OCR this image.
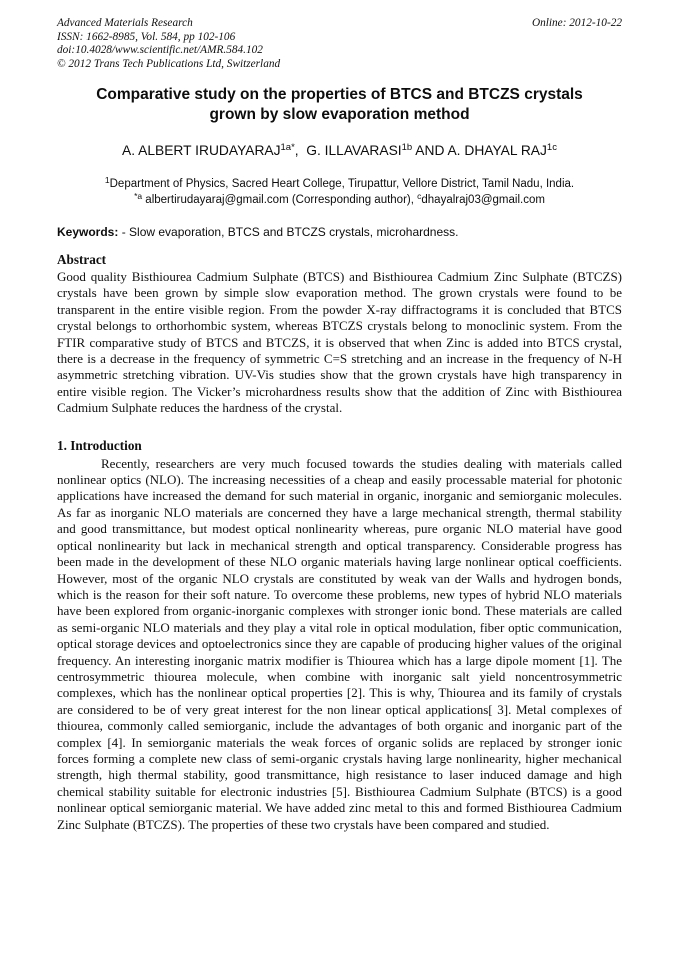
Advanced Materials Research
ISSN: 1662-8985, Vol. 584, pp 102-106
doi:10.4028/www.scientific.net/AMR.584.102
© 2012 Trans Tech Publications Ltd, Switzerland
Online: 2012-10-22
Comparative study on the properties of BTCS and BTCZS crystals
grown by slow evaporation method
A. ALBERT $IRUDAYARAJ^{1a*}$,  G. $ILLAVARASI^{1b}$ AND A. DHAYAL $RAJ^{1c}$
$^1$Department of Physics, Sacred Heart College, Tirupattur, Vellore District, Tamil Nadu, India.
$^{*a}$ albertirudayaraj@gmail.com (Corresponding author), $^c$dhayalraj03@gmail.com
Keywords: - Slow evaporation, BTCS and BTCZS crystals, microhardness.
Abstract
Good quality Bisthiourea Cadmium Sulphate (BTCS) and Bisthiourea Cadmium Zinc Sulphate (BTCZS) crystals have been grown by simple slow evaporation method. The grown crystals were found to be transparent in the entire visible region. From the powder X-ray diffractograms it is concluded that BTCS crystal belongs to orthorhombic system, whereas BTCZS crystals belong to monoclinic system. From the FTIR comparative study of BTCS and BTCZS, it is observed that when Zinc is added into BTCS crystal, there is a decrease in the frequency of symmetric C=S stretching and an increase in the frequency of N-H asymmetric stretching vibration. UV-Vis studies show that the grown crystals have high transparency in entire visible region. The Vicker’s microhardness results show that the addition of Zinc with Bisthiourea Cadmium Sulphate reduces the hardness of the crystal.
1. Introduction
Recently, researchers are very much focused towards the studies dealing with materials called nonlinear optics (NLO). The increasing necessities of a cheap and easily processable material for photonic applications have increased the demand for such material in organic, inorganic and semiorganic molecules. As far as inorganic NLO materials are concerned they have a large mechanical strength, thermal stability and good transmittance, but modest optical nonlinearity whereas, pure organic NLO material have good optical nonlinearity but lack in mechanical strength and optical transparency. Considerable progress has been made in the development of these NLO organic materials having large nonlinear optical coefficients. However, most of the organic NLO crystals are constituted by weak van der Walls and hydrogen bonds, which is the reason for their soft nature. To overcome these problems, new types of hybrid NLO materials have been explored from organic-inorganic complexes with stronger ionic bond. These materials are called as semi-organic NLO materials and they play a vital role in optical modulation, fiber optic communication, optical storage devices and optoelectronics since they are capable of producing higher values of the original frequency. An interesting inorganic matrix modifier is Thiourea which has a large dipole moment [1]. The centrosymmetric thiourea molecule, when combine with inorganic salt yield noncentrosymmetric complexes, which has the nonlinear optical properties [2]. This is why, Thiourea and its family of crystals are considered to be of very great interest for the non linear optical applications[ 3]. Metal complexes of thiourea, commonly called semiorganic, include the advantages of both organic and inorganic part of the complex [4]. In semiorganic materials the weak forces of organic solids are replaced by stronger ionic forces forming a complete new class of semi-organic crystals having large nonlinearity, higher mechanical strength, high thermal stability, good transmittance, high resistance to laser induced damage and high chemical stability suitable for electronic industries [5]. Bisthiourea Cadmium Sulphate (BTCS) is a good nonlinear optical semiorganic material. We have added zinc metal to this and formed Bisthiourea Cadmium Zinc Sulphate (BTCZS). The properties of these two crystals have been compared and studied.
